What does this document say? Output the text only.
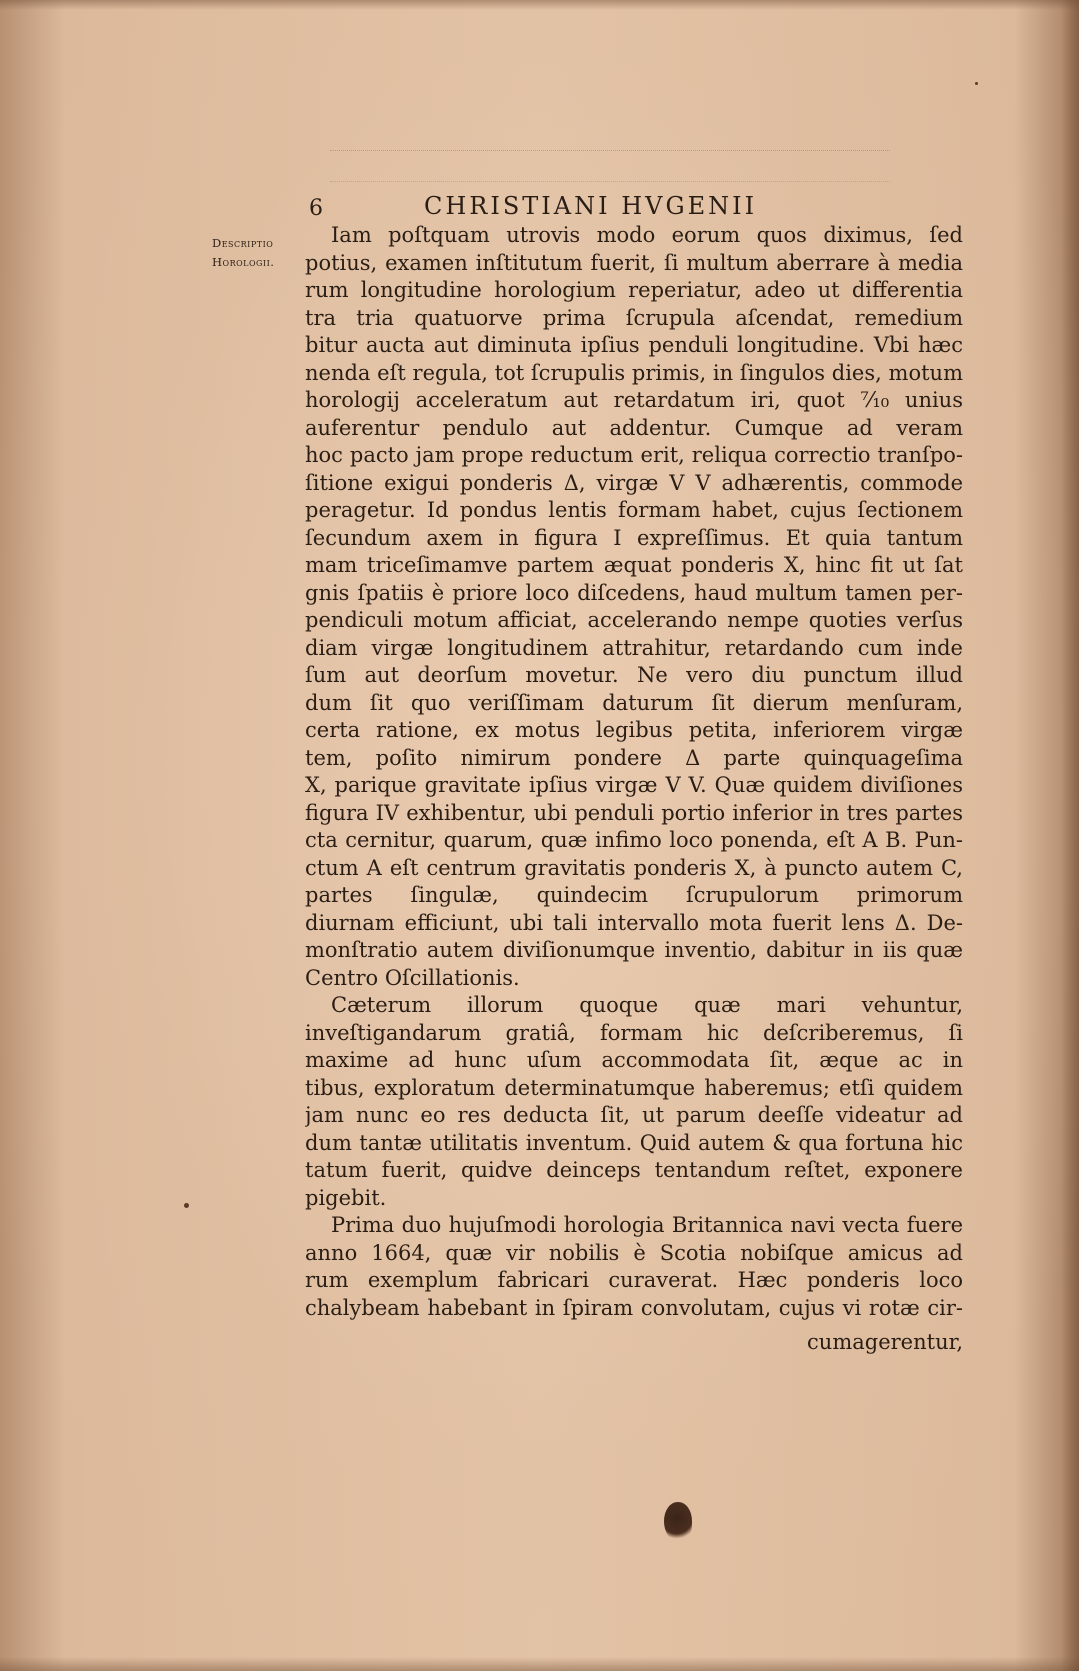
6	CHRISTIANI HVGENII
Descriptio
Horologii.
Iam poſtquam utrovis modo eorum quos diximus, ſed
potius, examen inſtitutum fuerit, ſi multum aberrare à media
rum longitudine horologium reperiatur, adeo ut differentia
tra tria quatuorve prima ſcrupula aſcendat, remedium
bitur aucta aut diminuta ipſius penduli longitudine. Vbi hæc
nenda eſt regula, tot ſcrupulis primis, in ſingulos dies, motum
horologij acceleratum aut retardatum iri, quot ⁷⁄₁₀ unius
auferentur pendulo aut addentur. Cumque ad veram
hoc pacto jam prope reductum erit, reliqua correctio tranſpo-
ſitione exigui ponderis Δ, virgæ V V adhærentis, commode
peragetur. Id pondus lentis formam habet, cujus ſectionem
ſecundum axem in figura I expreſſimus. Et quia tantum
mam triceſimamve partem æquat ponderis X, hinc fit ut ſat
gnis ſpatiis è priore loco diſcedens, haud multum tamen per-
pendiculi motum afficiat, accelerando nempe quoties verſus
diam virgæ longitudinem attrahitur, retardando cum inde
ſum aut deorſum movetur. Ne vero diu punctum illud
dum ſit quo veriſſimam daturum ſit dierum menſuram,
certa ratione, ex motus legibus petita, inferiorem virgæ
tem, poſito nimirum pondere Δ parte quinquageſima
X, parique gravitate ipſius virgæ V V. Quæ quidem diviſiones
figura IV exhibentur, ubi penduli portio inferior in tres partes
cta cernitur, quarum, quæ infimo loco ponenda, eſt A B. Pun-
ctum A eſt centrum gravitatis ponderis X, à puncto autem C,
partes ſingulæ, quindecim ſcrupulorum primorum
diurnam efficiunt, ubi tali intervallo mota fuerit lens Δ. De-
monſtratio autem diviſionumque inventio, dabitur in iis quæ
Centro Oſcillationis.
Cæterum illorum quoque quæ mari vehuntur,
inveſtigandarum gratiâ, formam hic deſcriberemus, ſi
maxime ad hunc uſum accommodata ſit, æque ac in
tibus, exploratum determinatumque haberemus; etſi quidem
jam nunc eo res deducta ſit, ut parum deeſſe videatur ad
dum tantæ utilitatis inventum. Quid autem & qua fortuna hic
tatum fuerit, quidve deinceps tentandum reſtet, exponere
pigebit.
Prima duo hujuſmodi horologia Britannica navi vecta fuere
anno 1664, quæ vir nobilis è Scotia nobiſque amicus ad
rum exemplum fabricari curaverat. Hæc ponderis loco
chalybeam habebant in ſpiram convolutam, cujus vi rotæ cir-
cumagerentur,
